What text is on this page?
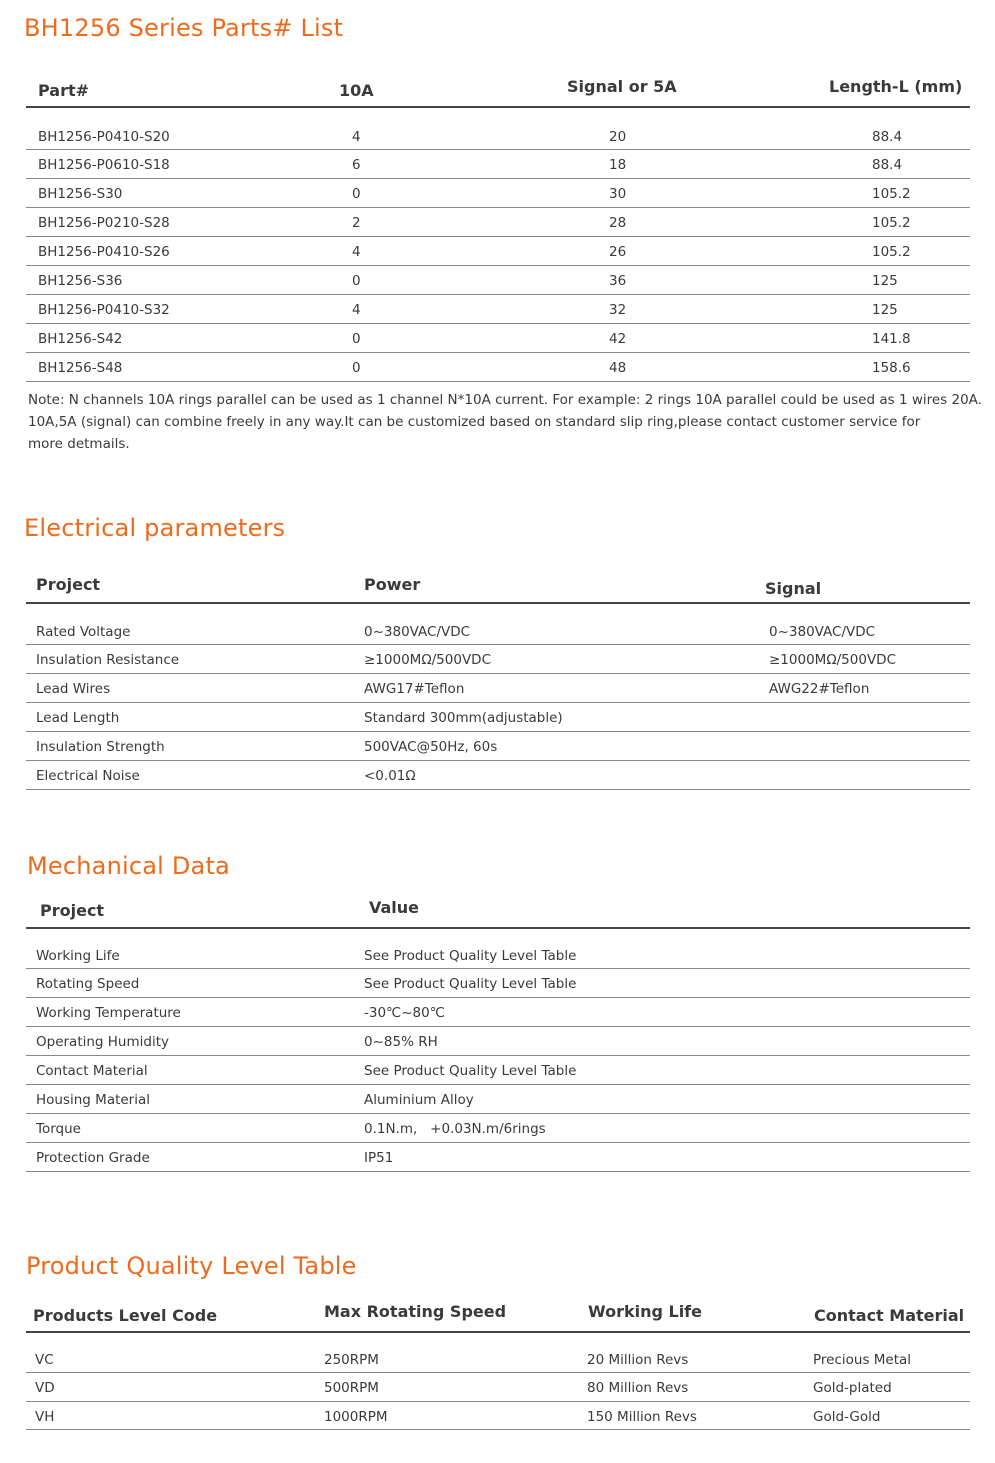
BH1256 Series Parts# List
Part#	10A	Signal or 5A	Length-L (mm)
BH1256-P0410-S20	4	20	88.4
BH1256-P0610-S18	6	18	88.4
BH1256-S30	0	30	105.2
BH1256-P0210-S28	2	28	105.2
BH1256-P0410-S26	4	26	105.2
BH1256-S36	0	36	125
BH1256-P0410-S32	4	32	125
BH1256-S42	0	42	141.8
BH1256-S48	0	48	158.6

Note: N channels 10A rings parallel can be used as 1 channel N*10A current. For example: 2 rings 10A parallel could be used as 1 wires 20A.

10A,5A (signal) can combine freely in any way.It can be customized based on standard slip ring,please contact customer service for

more detmails.

Electrical parameters
Project	Power	Signal
Rated Voltage	0~380VAC/VDC	0~380VAC/VDC
Insulation Resistance	≥1000MΩ/500VDC	≥1000MΩ/500VDC
Lead Wires	AWG17#Teflon	AWG22#Teflon
Lead Length	Standard 300mm(adjustable)
Insulation Strength	500VAC@50Hz, 60s
Electrical Noise	<0.01Ω
Mechanical Data
Project	Value
Working Life	See Product Quality Level Table
Rotating Speed	See Product Quality Level Table
Working Temperature	-30℃~80℃
Operating Humidity	0~85% RH
Contact Material	See Product Quality Level Table
Housing Material	Aluminium Alloy
Torque	0.1N.m,   +0.03N.m/6rings
Protection Grade	IP51
Product Quality Level Table
Products Level Code	Max Rotating Speed	Working Life	Contact Material
VC	250RPM	20 Million Revs	Precious Metal
VD	500RPM	80 Million Revs	Gold-plated
VH	1000RPM	150 Million Revs	Gold-Gold
